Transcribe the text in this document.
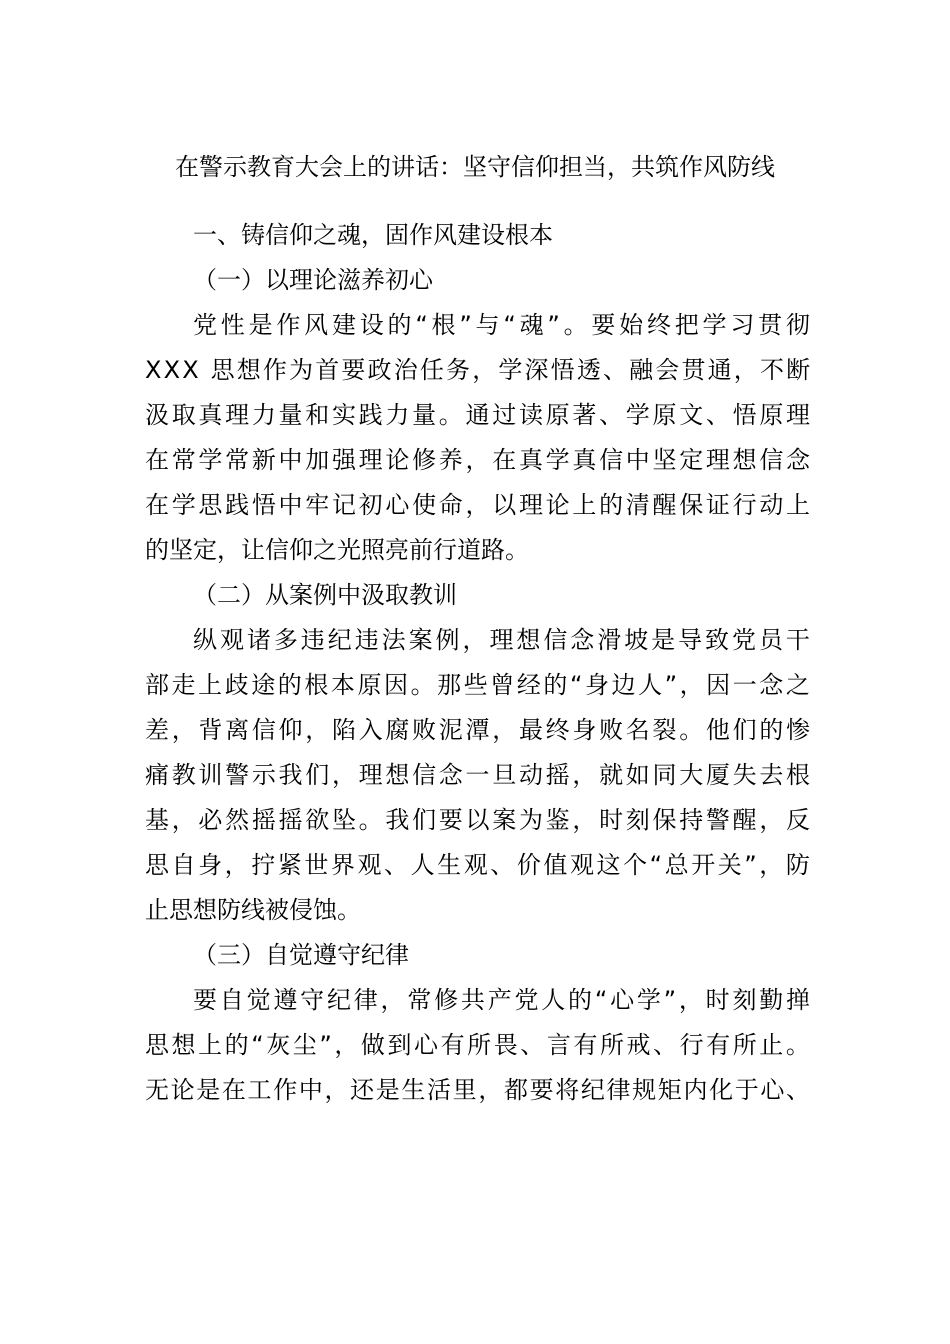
在警示教育大会上的讲话：坚守信仰担当，共筑作风防线
一、铸信仰之魂，固作风建设根本
（一）以理论滋养初心
党性是作风建设的“根”与“魂”。要始终把学习贯彻
XXX 思想作为首要政治任务，学深悟透、融会贯通，不断
汲取真理力量和实践力量。通过读原著、学原文、悟原理
在常学常新中加强理论修养，在真学真信中坚定理想信念
在学思践悟中牢记初心使命，以理论上的清醒保证行动上
的坚定，让信仰之光照亮前行道路。
（二）从案例中汲取教训
纵观诸多违纪违法案例，理想信念滑坡是导致党员干
部走上歧途的根本原因。那些曾经的“身边人”，因一念之
差，背离信仰，陷入腐败泥潭，最终身败名裂。他们的惨
痛教训警示我们，理想信念一旦动摇，就如同大厦失去根
基，必然摇摇欲坠。我们要以案为鉴，时刻保持警醒，反
思自身，拧紧世界观、人生观、价值观这个“总开关”，防
止思想防线被侵蚀。
（三）自觉遵守纪律
要自觉遵守纪律，常修共产党人的“心学”，时刻勤掸
思想上的“灰尘”，做到心有所畏、言有所戒、行有所止。
无论是在工作中，还是生活里，都要将纪律规矩内化于心、
